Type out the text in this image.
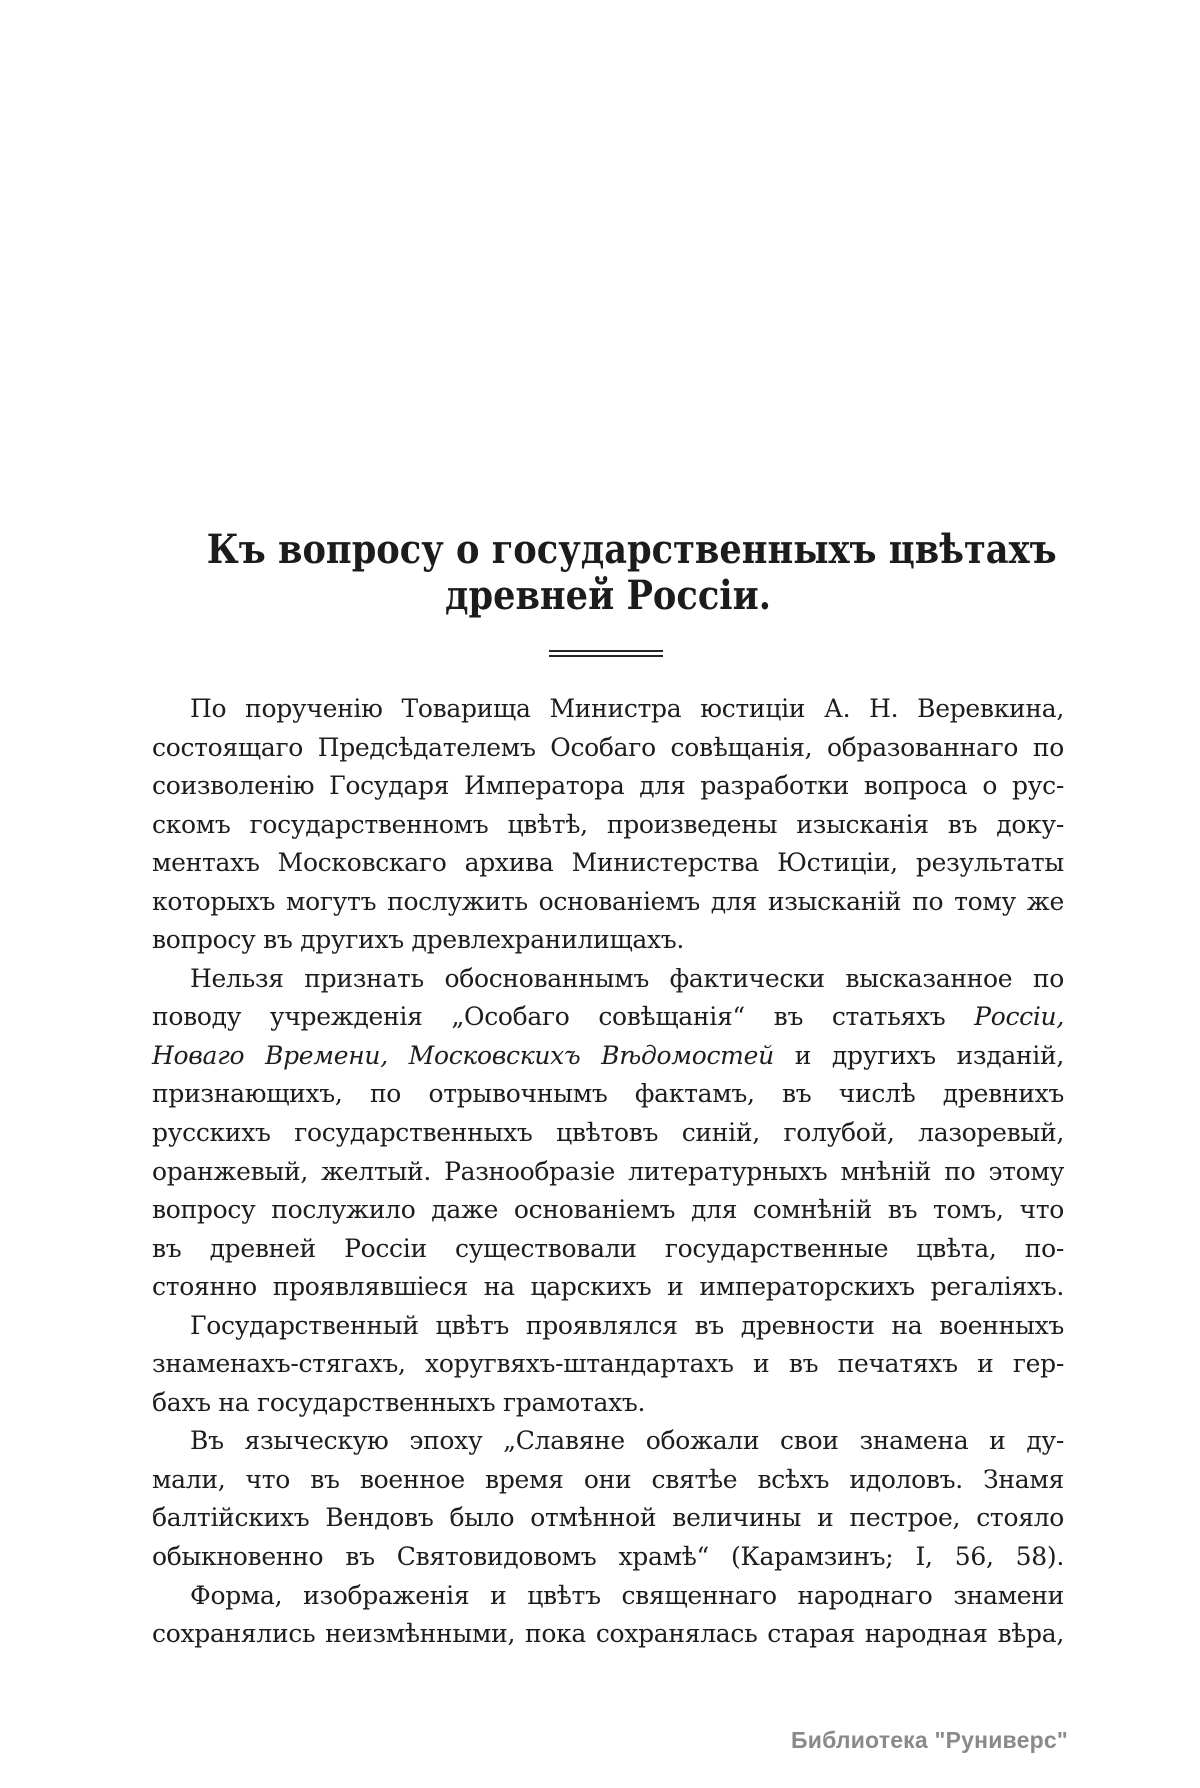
Къ вопросу о государственныхъ цвѣтахъ
древней Россіи.
По порученію Товарища Министра юстиціи А. Н. Веревкина,
состоящаго Предсѣдателемъ Особаго совѣщанія, образованнаго по
соизволенію Государя Императора для разработки вопроса о рус-
скомъ государственномъ цвѣтѣ, произведены изысканія въ доку-
ментахъ Московскаго архива Министерства Юстиціи, результаты
которыхъ могутъ послужить основаніемъ для изысканій по тому же
вопросу въ другихъ древлехранилищахъ.
Нельзя признать обоснованнымъ фактически высказанное по
поводу учрежденія „Особаго совѣщанія“ въ статьяхъ Россіи,
Новаго Времени, Московскихъ Вѣдомостей и другихъ изданій,
признающихъ, по отрывочнымъ фактамъ, въ числѣ древнихъ
русскихъ государственныхъ цвѣтовъ синій, голубой, лазоревый,
оранжевый, желтый. Разнообразіе литературныхъ мнѣній по этому
вопросу послужило даже основаніемъ для сомнѣній въ томъ, что
въ древней Россіи существовали государственные цвѣта, по-
стоянно проявлявшіеся на царскихъ и императорскихъ регаліяхъ.
Государственный цвѣтъ проявлялся въ древности на военныхъ
знаменахъ-стягахъ, хоругвяхъ-штандартахъ и въ печатяхъ и гер-
бахъ на государственныхъ грамотахъ.
Въ языческую эпоху „Славяне обожали свои знамена и ду-
мали, что въ военное время они святѣе всѣхъ идоловъ. Знамя
балтійскихъ Вендовъ было отмѣнной величины и пестрое, стояло
обыкновенно въ Святовидовомъ храмѣ“ (Карамзинъ; I, 56, 58).
Форма, изображенія и цвѣтъ священнаго народнаго знамени
сохранялись неизмѣнными, пока сохранялась старая народная вѣра,
Библиотека "Руниверс"
